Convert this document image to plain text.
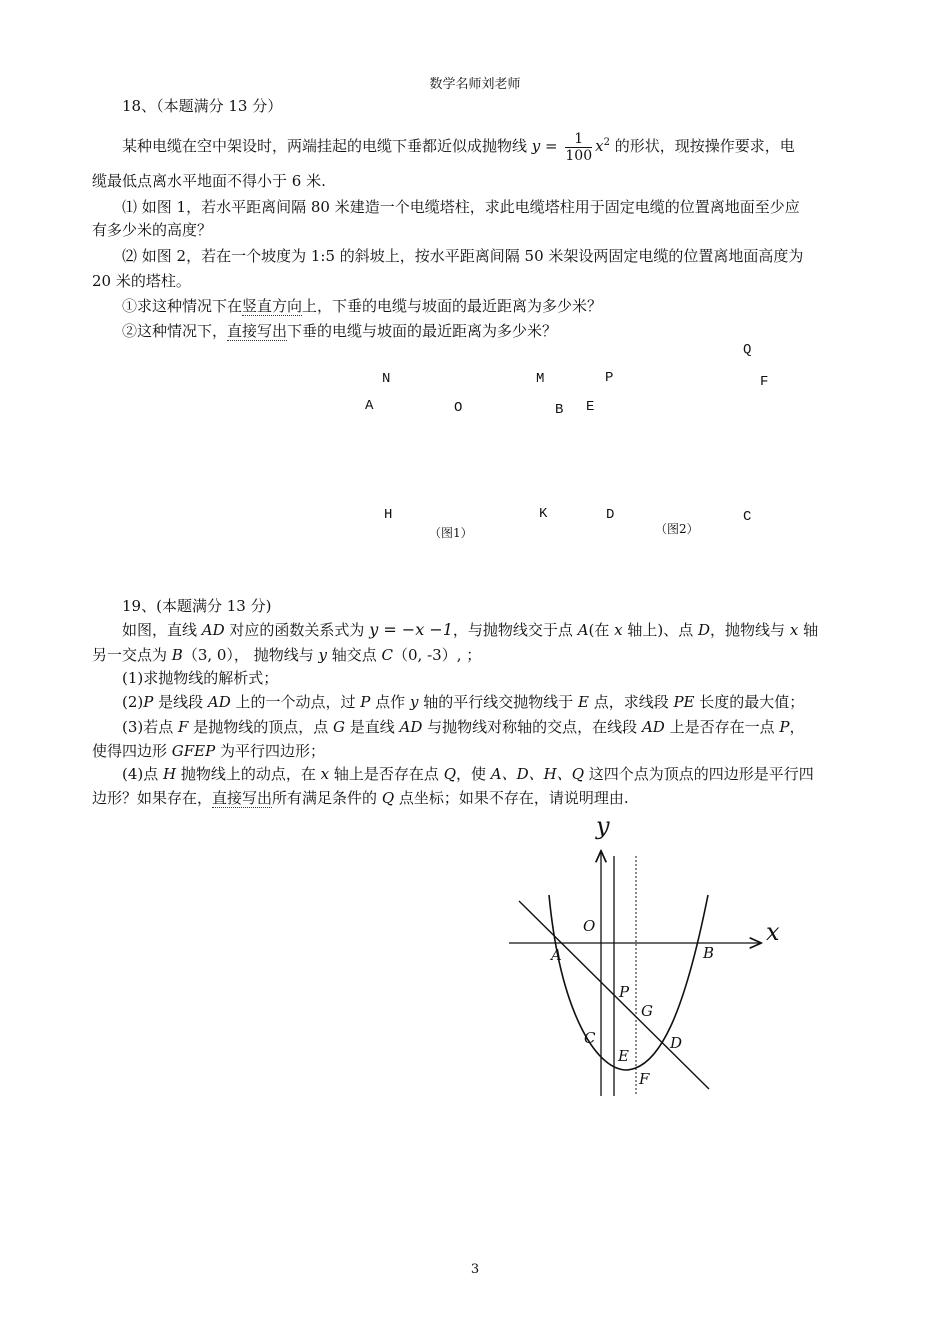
数学名师刘老师
18、（本题满分 13 分）
某种电缆在空中架设时，两端挂起的电缆下垂都近似成抛物线 $y = \frac{1}{100} x^2$ 的形状，现按操作要求，电
缆最低点离水平地面不得小于 6 米.
⑴ 如图 1，若水平距离间隔 80 米建造一个电缆塔柱，求此电缆塔柱用于固定电缆的位置离地面至少应
有多少米的高度？
⑵ 如图 2，若在一个坡度为 1:5 的斜坡上，按水平距离间隔 50 米架设两固定电缆的位置离地面高度为
20 米的塔柱。
①求这种情况下在竖直方向上，下垂的电缆与坡面的最近距离为多少米？
②这种情况下，直接写出下垂的电缆与坡面的最近距离为多少米？
Q
N	M	P	F
A	O	B E
H	K	D	C
（图1）	（图2）
19、(本题满分 13 分)
如图，直线 AD 对应的函数关系式为 y = −x −1，与抛物线交于点 A(在 x 轴上)、点 D，抛物线与 x 轴
另一交点为 B（3, 0）， 抛物线与 y 轴交点 C（0, -3）, ；
(1)求抛物线的解析式；
(2)P 是线段 AD 上的一个动点，过 P 点作 y 轴的平行线交抛物线于 E 点，求线段 PE 长度的最大值；
(3)若点 F 是抛物线的顶点，点 G 是直线 AD 与抛物线对称轴的交点，在线段 AD 上是否存在一点 P，
使得四边形 GFEP 为平行四边形；
(4)点 H 抛物线上的动点，在 x 轴上是否存在点 Q，使 A、D、H、Q 这四个点为顶点的四边形是平行四
边形？如果存在，直接写出所有满足条件的 Q 点坐标；如果不存在，请说明理由.
y
x
O
A	B
P
G
C	D
E
F
3
